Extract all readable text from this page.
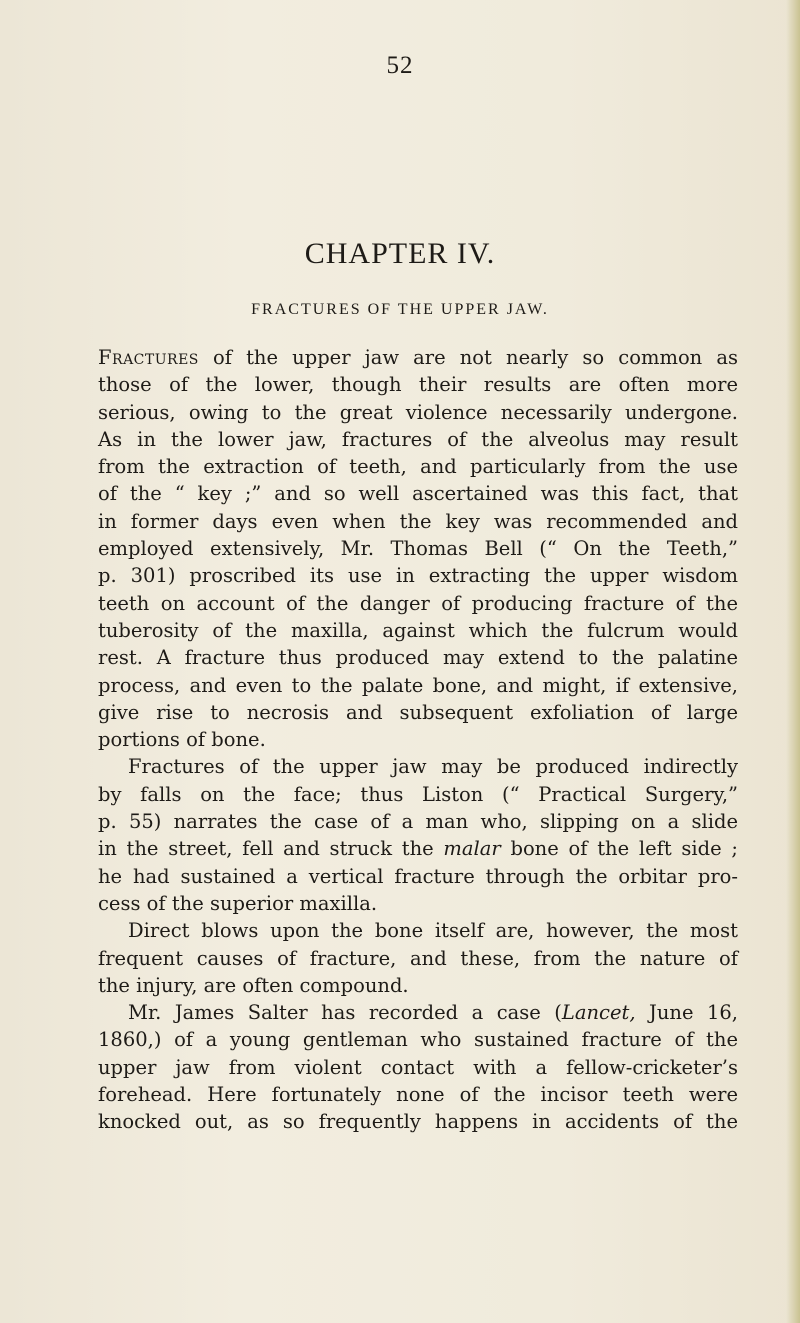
52
CHAPTER IV.
FRACTURES OF THE UPPER JAW.
Fractures of the upper jaw are not nearly so common as
those of the lower, though their results are often more
serious, owing to the great violence necessarily undergone.
As in the lower jaw, fractures of the alveolus may result
from the extraction of teeth, and particularly from the use
of the “ key ;” and so well ascertained was this fact, that
in former days even when the key was recommended and
employed extensively, Mr. Thomas Bell (“ On the Teeth,”
p. 301) proscribed its use in extracting the upper wisdom
teeth on account of the danger of producing fracture of the
tuberosity of the maxilla, against which the fulcrum would
rest. A fracture thus produced may extend to the palatine
process, and even to the palate bone, and might, if extensive,
give rise to necrosis and subsequent exfoliation of large
portions of bone.
Fractures of the upper jaw may be produced indirectly
by falls on the face; thus Liston (“ Practical Surgery,”
p. 55) narrates the case of a man who, slipping on a slide
in the street, fell and struck the malar bone of the left side ;
he had sustained a vertical fracture through the orbitar pro-
cess of the superior maxilla.
Direct blows upon the bone itself are, however, the most
frequent causes of fracture, and these, from the nature of
the injury, are often compound.
Mr. James Salter has recorded a case (Lancet, June 16,
1860,) of a young gentleman who sustained fracture of the
upper jaw from violent contact with a fellow-cricketer’s
forehead. Here fortunately none of the incisor teeth were
knocked out, as so frequently happens in accidents of the
